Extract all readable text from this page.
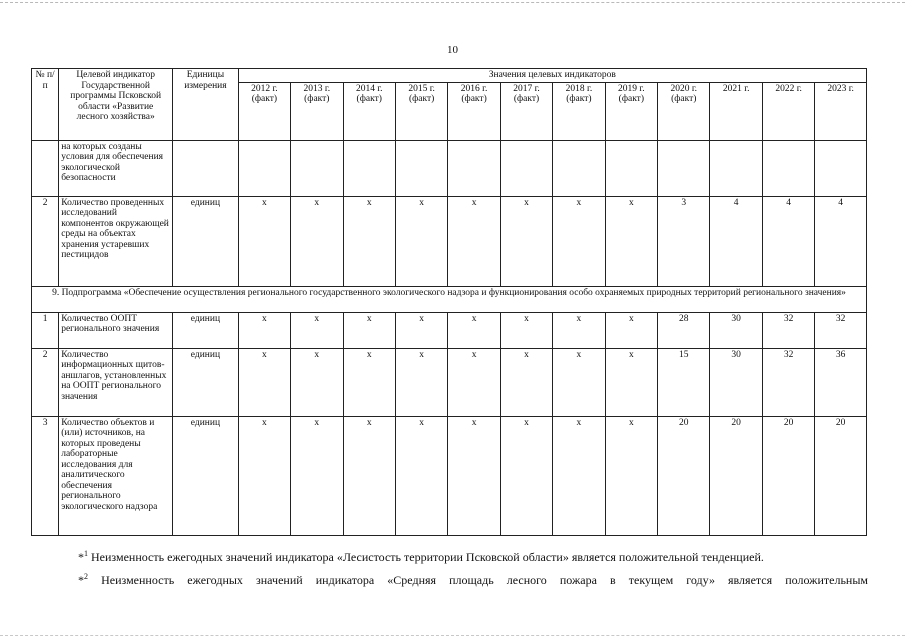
10
№ п/п	Целевой индикатор Государственной программы Псковской области «Развитие лесного хозяйства»	Единицы измерения	Значения целевых индикаторов											
			2012 г. (факт)	2013 г. (факт)	2014 г. (факт)	2015 г. (факт)	2016 г. (факт)	2017 г. (факт)	2018 г. (факт)	2019 г. (факт)	2020 г. (факт)	2021 г.	2022 г.	2023 г.
	на которых созданы условия для обеспечения экологической безопасности													
2	Количество проведенных исследований компонентов окружающей среды на объектах хранения устаревших пестицидов	единиц	x	x	x	x	x	x	x	x	3	4	4	4
9. Подпрограмма «Обеспечение осуществления регионального государственного экологического надзора и функционирования особо охраняемых природных территорий регионального значения»														
1	Количество ООПТ регионального значения	единиц	x	x	x	x	x	x	x	x	28	30	32	32
2	Количество информационных щитов-аншлагов, установленных на ООПТ регионального значения	единиц	x	x	x	x	x	x	x	x	15	30	32	36
3	Количество объектов и (или) источников, на которых проведены лабораторные исследования для аналитического обеспечения регионального экологического надзора	единиц	x	x	x	x	x	x	x	x	20	20	20	20
*$^1$ Неизменность ежегодных значений индикатора «Лесистость территории Псковской области» является положительной тенденцией.
*$^2$ Неизменность ежегодных значений индикатора «Средняя площадь лесного пожара в текущем году» является положительным
